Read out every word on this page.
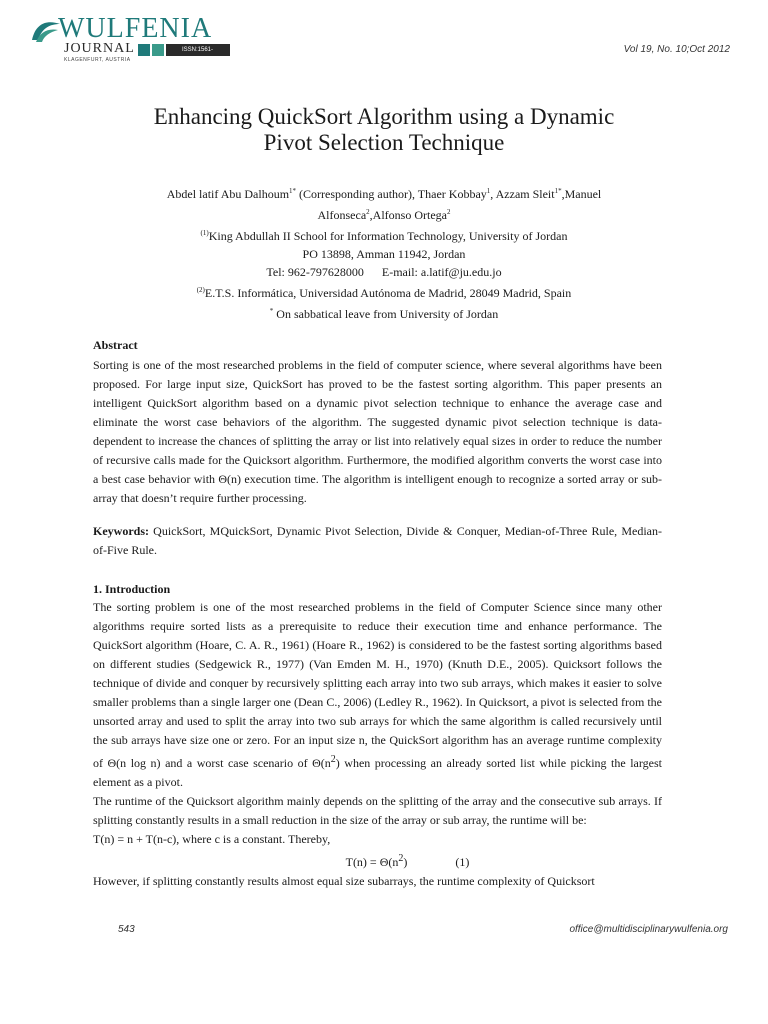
WULFENIA
JOURNAL
KLAGENFURT, AUSTRIA
ISSN:1561-882X
Vol 19, No. 10;Oct 2012
Enhancing QuickSort Algorithm using a Dynamic
Pivot Selection Technique
Abdel latif Abu Dalhoum$^{1*}$ (Corresponding author), Thaer Kobbay$^1$, Azzam Sleit$^{1*}$,Manuel
Alfonseca$^2$,Alfonso Ortega$^2$
$^{(1)}$King Abdullah II School for Information Technology, University of Jordan
PO 13898, Amman 11942, Jordan
Tel: 962-797628000 E-mail: a.latif@ju.edu.jo
$^{(2)}$E.T.S. Informática, Universidad Autónoma de Madrid, 28049 Madrid, Spain
* On sabbatical leave from University of Jordan
Abstract
Sorting is one of the most researched problems in the field of computer science, where several algorithms have been proposed. For large input size, QuickSort has proved to be the fastest sorting algorithm. This paper presents an intelligent QuickSort algorithm based on a dynamic pivot selection technique to enhance the average case and eliminate the worst case behaviors of the algorithm. The suggested dynamic pivot selection technique is data-dependent to increase the chances of splitting the array or list into relatively equal sizes in order to reduce the number of recursive calls made for the Quicksort algorithm. Furthermore, the modified algorithm converts the worst case into a best case behavior with Θ(n) execution time. The algorithm is intelligent enough to recognize a sorted array or sub-array that doesn’t require further processing.
Keywords: QuickSort, MQuickSort, Dynamic Pivot Selection, Divide & Conquer, Median-of-Three Rule, Median-of-Five Rule.
1. Introduction

The sorting problem is one of the most researched problems in the field of Computer Science since many other algorithms require sorted lists as a prerequisite to reduce their execution time and enhance performance. The QuickSort algorithm (Hoare, C. A. R., 1961) (Hoare R., 1962) is considered to be the fastest sorting algorithms based on different studies (Sedgewick R., 1977) (Van Emden M. H., 1970) (Knuth D.E., 2005). Quicksort follows the technique of divide and conquer by recursively splitting each array into two sub arrays, which makes it easier to solve smaller problems than a single larger one (Dean C., 2006) (Ledley R., 1962). In Quicksort, a pivot is selected from the unsorted array and used to split the array into two sub arrays for which the same algorithm is called recursively until the sub arrays have size one or zero. For an input size n, the QuickSort algorithm has an average runtime complexity of Θ(n log n) and a worst case scenario of $\Theta(n^2)$ when processing an already sorted list while picking the largest element as a pivot.

The runtime of the Quicksort algorithm mainly depends on the splitting of the array and the consecutive sub arrays. If splitting constantly results in a small reduction in the size of the array or sub array, the runtime will be:

T(n) = n + T(n-c), where c is a constant. Thereby,

$T(n) = \Theta(n^2)$	(1)

However, if splitting constantly results almost equal size subarrays, the runtime complexity of Quicksort

543	office@multidisciplinarywulfenia.org
